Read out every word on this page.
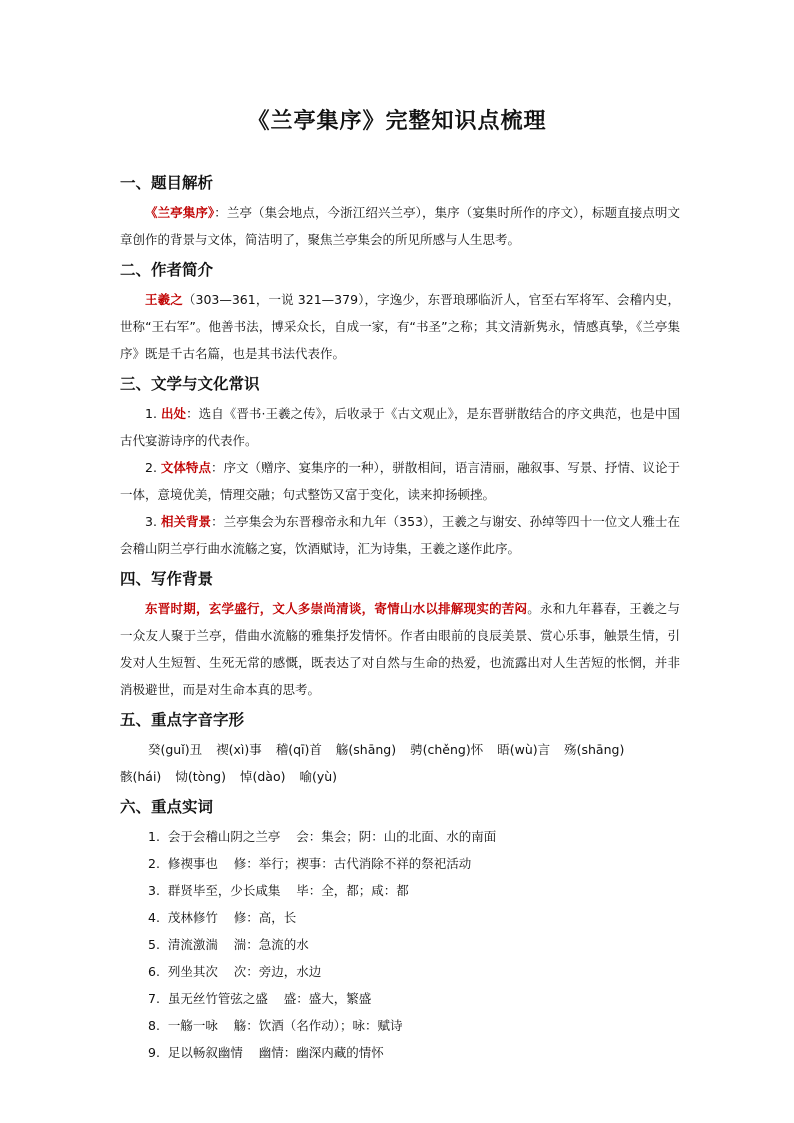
《兰亭集序》完整知识点梳理
一、题目解析

《兰亭集序》：兰亭（集会地点，今浙江绍兴兰亭），集序（宴集时所作的序文），标题直接点明文章创作的背景与文体，简洁明了，聚焦兰亭集会的所见所感与人生思考。

二、作者简介

王羲之（303—361，一说 321—379），字逸少，东晋琅琊临沂人，官至右军将军、会稽内史，世称“王右军”。他善书法，博采众长，自成一家，有“书圣”之称；其文清新隽永，情感真挚，《兰亭集序》既是千古名篇，也是其书法代表作。

三、文学与文化常识

1. 出处：选自《晋书·王羲之传》，后收录于《古文观止》，是东晋骈散结合的序文典范，也是中国古代宴游诗序的代表作。

2. 文体特点：序文（赠序、宴集序的一种），骈散相间，语言清丽，融叙事、写景、抒情、议论于一体，意境优美，情理交融；句式整饬又富于变化，读来抑扬顿挫。

3. 相关背景：兰亭集会为东晋穆帝永和九年（353），王羲之与谢安、孙绰等四十一位文人雅士在会稽山阴兰亭行曲水流觞之宴，饮酒赋诗，汇为诗集，王羲之遂作此序。

四、写作背景

东晋时期，玄学盛行，文人多崇尚清谈，寄情山水以排解现实的苦闷。永和九年暮春，王羲之与一众友人聚于兰亭，借曲水流觞的雅集抒发情怀。作者由眼前的良辰美景、赏心乐事，触景生情，引发对人生短暂、生死无常的感慨，既表达了对自然与生命的热爱，也流露出对人生苦短的怅惘，并非消极避世，而是对生命本真的思考。

五、重点字音字形
癸(guǐ)丑 禊(xì)事 稽(qī)首 觞(shāng) 骋(chěng)怀 晤(wù)言 殇(shāng)
骸(hái) 恸(tòng) 悼(dào) 喻(yù)
六、重点实词
1.  会于会稽山阴之兰亭    会：集会；阴：山的北面、水的南面
2.  修禊事也    修：举行；禊事：古代消除不祥的祭祀活动
3.  群贤毕至，少长咸集    毕：全，都；咸：都
4.  茂林修竹    修：高，长
5.  清流激湍    湍：急流的水
6.  列坐其次    次：旁边，水边
7.  虽无丝竹管弦之盛    盛：盛大，繁盛
8.  一觞一咏    觞：饮酒（名作动）；咏：赋诗
9.  足以畅叙幽情    幽情：幽深内藏的情怀
